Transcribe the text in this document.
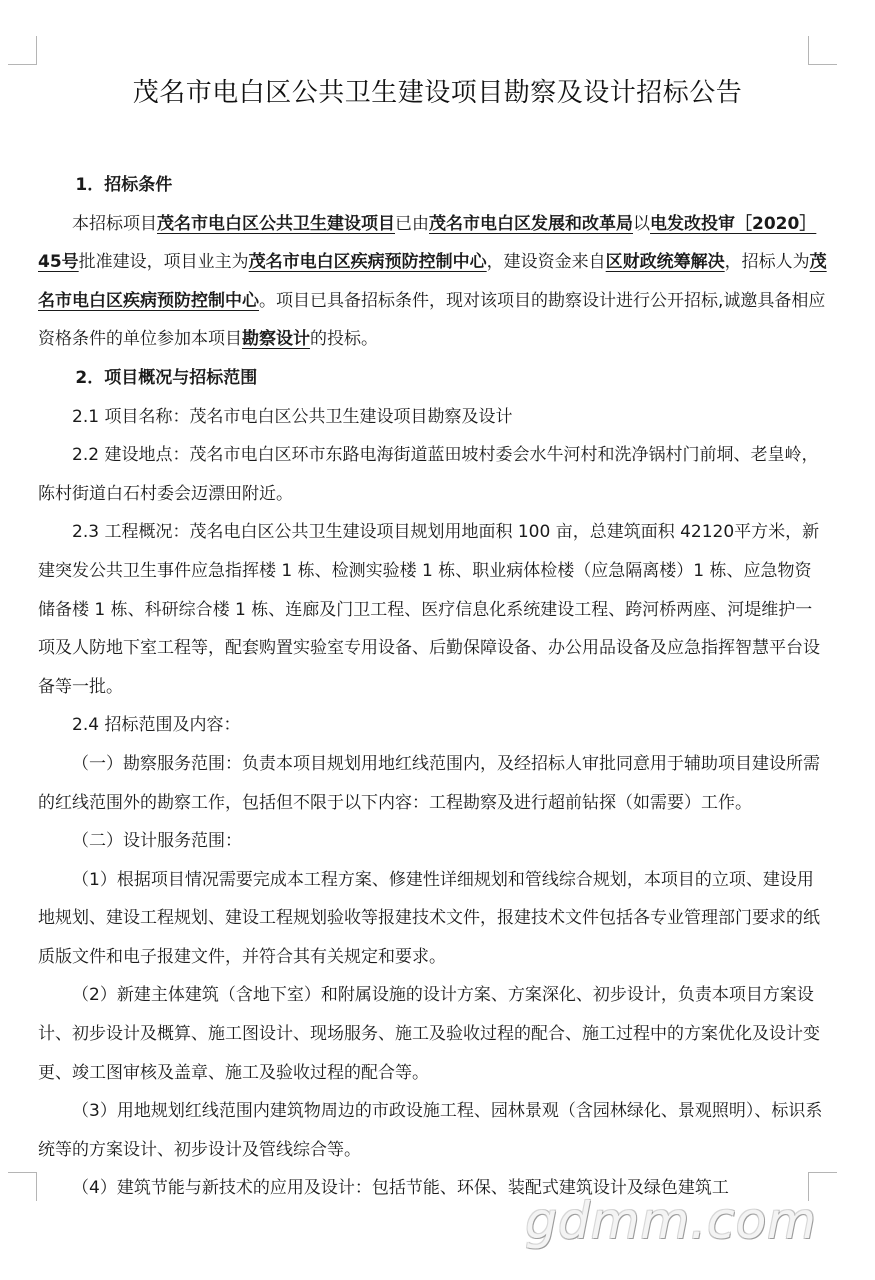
茂名市电白区公共卫生建设项目勘察及设计招标公告

1．招标条件

本招标项目茂名市电白区公共卫生建设项目已由茂名市电白区发展和改革局以电发改投审［2020］45号批准建设，项目业主为茂名市电白区疾病预防控制中心，建设资金来自区财政统筹解决，招标人为茂名市电白区疾病预防控制中心。项目已具备招标条件，现对该项目的勘察设计进行公开招标,诚邀具备相应资格条件的单位参加本项目勘察设计的投标。

2．项目概况与招标范围

2.1 项目名称：茂名市电白区公共卫生建设项目勘察及设计

2.2 建设地点：茂名市电白区环市东路电海街道蓝田坡村委会水牛河村和洗净锅村门前垌、老皇岭，陈村街道白石村委会迈漂田附近。

2.3 工程概况：茂名电白区公共卫生建设项目规划用地面积 100 亩，总建筑面积 42120平方米，新建突发公共卫生事件应急指挥楼 1 栋、检测实验楼 1 栋、职业病体检楼（应急隔离楼）1 栋、应急物资储备楼 1 栋、科研综合楼 1 栋、连廊及门卫工程、医疗信息化系统建设工程、跨河桥两座、河堤维护一项及人防地下室工程等，配套购置实验室专用设备、后勤保障设备、办公用品设备及应急指挥智慧平台设备等一批。

2.4 招标范围及内容：

（一）勘察服务范围：负责本项目规划用地红线范围内，及经招标人审批同意用于辅助项目建设所需的红线范围外的勘察工作，包括但不限于以下内容：工程勘察及进行超前钻探（如需要）工作。

（二）设计服务范围：

（1）根据项目情况需要完成本工程方案、修建性详细规划和管线综合规划，本项目的立项、建设用地规划、建设工程规划、建设工程规划验收等报建技术文件，报建技术文件包括各专业管理部门要求的纸质版文件和电子报建文件，并符合其有关规定和要求。

（2）新建主体建筑（含地下室）和附属设施的设计方案、方案深化、初步设计，负责本项目方案设计、初步设计及概算、施工图设计、现场服务、施工及验收过程的配合、施工过程中的方案优化及设计变更、竣工图审核及盖章、施工及验收过程的配合等。

（3）用地规划红线范围内建筑物周边的市政设施工程、园林景观（含园林绿化、景观照明）、标识系统等的方案设计、初步设计及管线综合等。

（4）建筑节能与新技术的应用及设计：包括节能、环保、装配式建筑设计及绿色建筑工

gdmm.com
